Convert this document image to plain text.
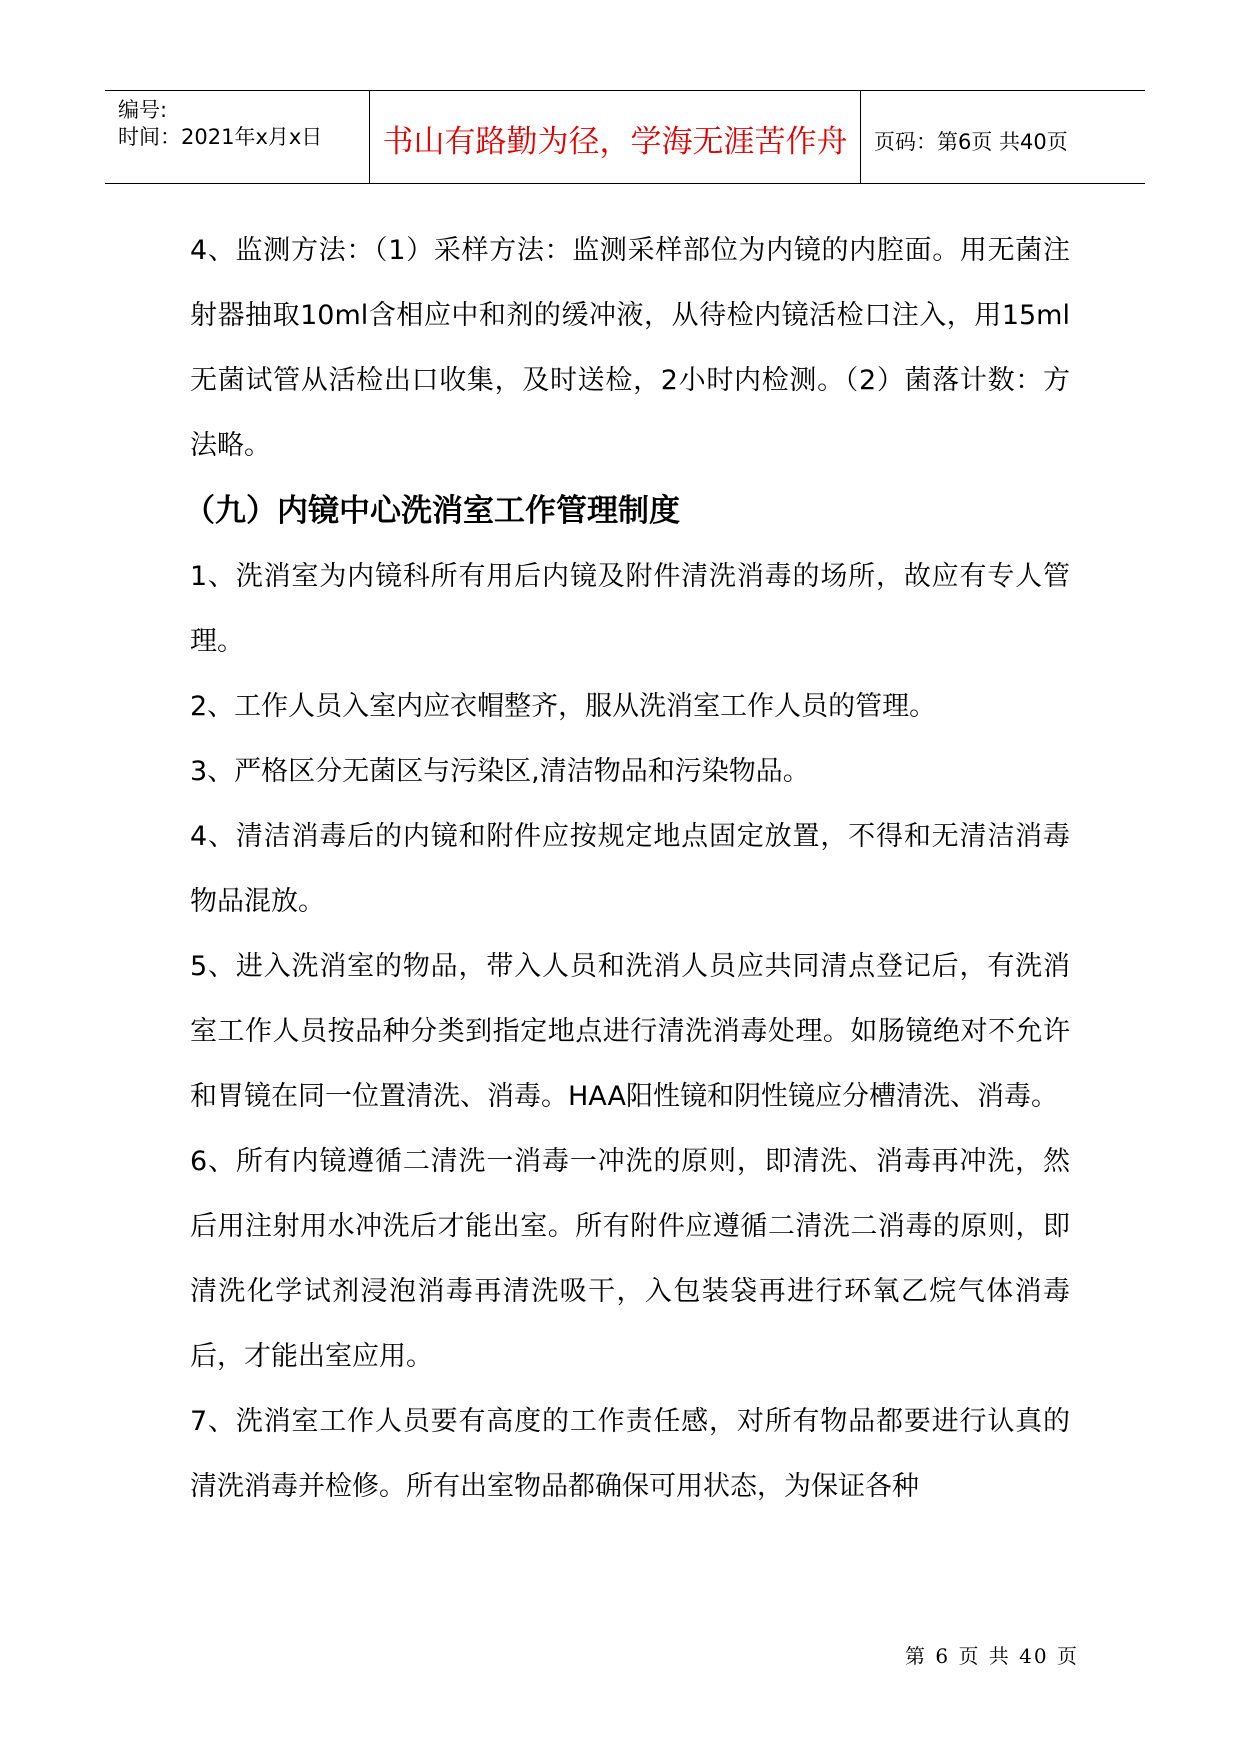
编号:
时间：2021年x月x日	书山有路勤为径，学海无涯苦作舟	页码：第6页 共40页

4、监测方法：（1）采样方法：监测采样部位为内镜的内腔面。用无菌注射器抽取10ml含相应中和剂的缓冲液，从待检内镜活检口注入，用15ml无菌试管从活检出口收集，及时送检，2小时内检测。（2）菌落计数：方法略。

（九）内镜中心洗消室工作管理制度

1、洗消室为内镜科所有用后内镜及附件清洗消毒的场所，故应有专人管理。

2、工作人员入室内应衣帽整齐，服从洗消室工作人员的管理。

3、严格区分无菌区与污染区,清洁物品和污染物品。

4、清洁消毒后的内镜和附件应按规定地点固定放置，不得和无清洁消毒物品混放。

5、进入洗消室的物品，带入人员和洗消人员应共同清点登记后，有洗消室工作人员按品种分类到指定地点进行清洗消毒处理。如肠镜绝对不允许和胃镜在同一位置清洗、消毒。HAA阳性镜和阴性镜应分槽清洗、消毒。

6、所有内镜遵循二清洗一消毒一冲洗的原则，即清洗、消毒再冲洗，然后用注射用水冲洗后才能出室。所有附件应遵循二清洗二消毒的原则，即清洗化学试剂浸泡消毒再清洗吸干，入包装袋再进行环氧乙烷气体消毒后，才能出室应用。

7、洗消室工作人员要有高度的工作责任感，对所有物品都要进行认真的清洗消毒并检修。所有出室物品都确保可用状态，为保证各种

第 6 页 共 40 页
